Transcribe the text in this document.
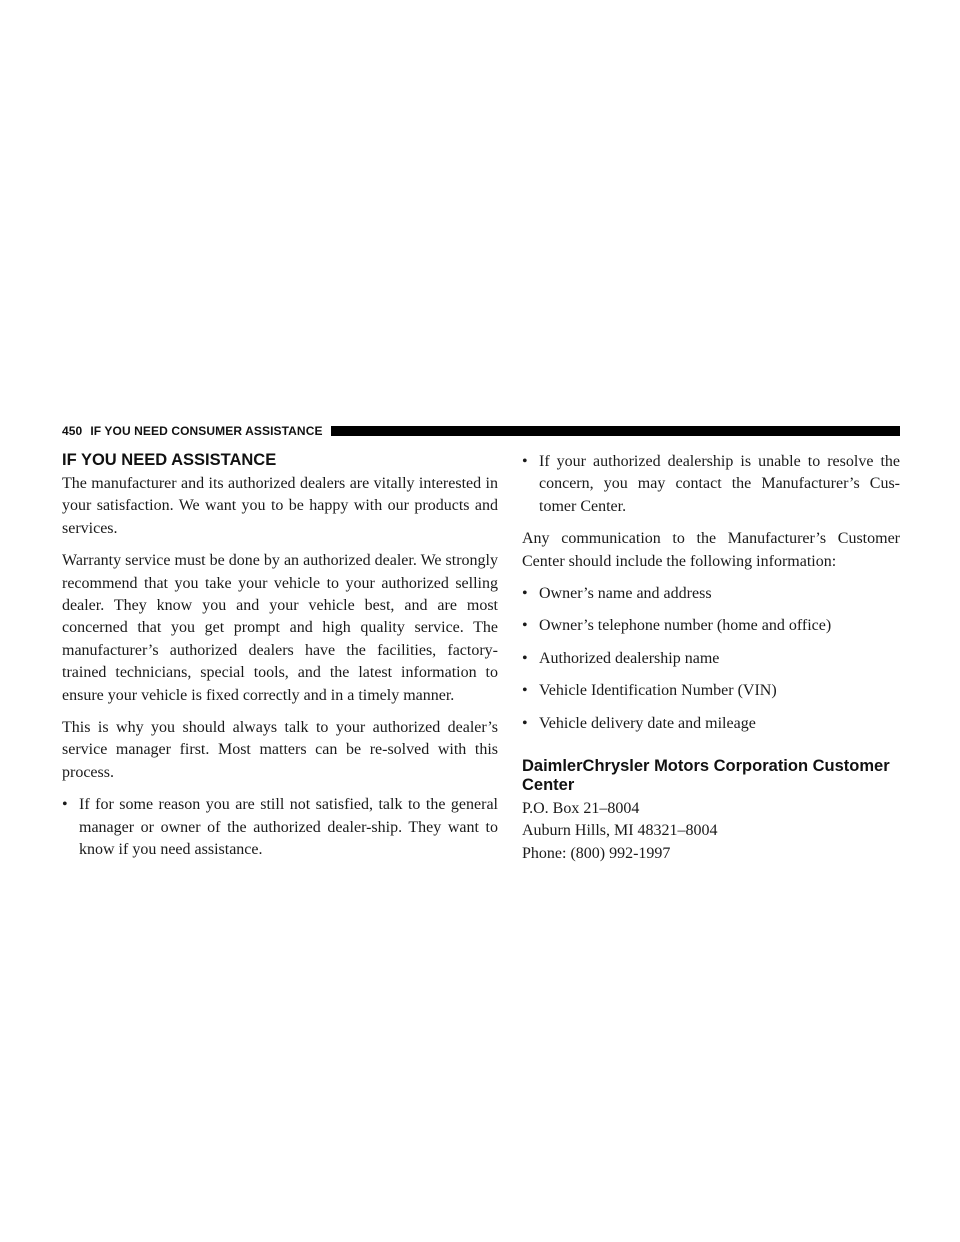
450 IF YOU NEED CONSUMER ASSISTANCE
IF YOU NEED ASSISTANCE

The manufacturer and its authorized dealers are vitally interested in your satisfaction. We want you to be happy with our products and services.

Warranty service must be done by an authorized dealer. We strongly recommend that you take your vehicle to your authorized selling dealer. They know you and your vehicle best, and are most concerned that you get prompt and high quality service. The manufacturer’s authorized dealers have the facilities, factory-trained technicians, special tools, and the latest information to ensure your vehicle is fixed correctly and in a timely manner.

This is why you should always talk to your authorized dealer’s service manager first. Most matters can be re-solved with this process.

• If for some reason you are still not satisfied, talk to the general manager or owner of the authorized dealer-ship. They want to know if you need assistance.
• If your authorized dealership is unable to resolve the concern, you may contact the Manufacturer’s Cus-tomer Center.

Any communication to the Manufacturer’s Customer Center should include the following information:

• Owner’s name and address
• Owner’s telephone number (home and office)
• Authorized dealership name
• Vehicle Identification Number (VIN)
• Vehicle delivery date and mileage
DaimlerChrysler Motors Corporation Customer Center

P.O. Box 21–8004

Auburn Hills, MI 48321–8004

Phone: (800) 992-1997
